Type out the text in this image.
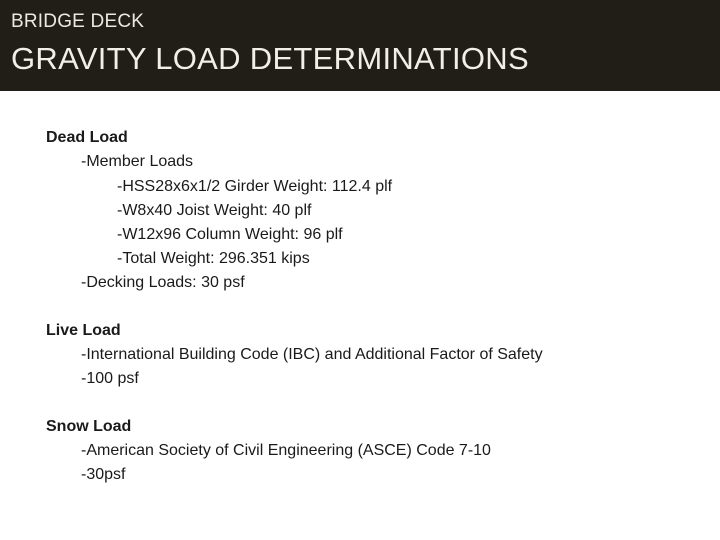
BRIDGE DECK
GRAVITY LOAD DETERMINATIONS
Dead Load
-Member Loads
-HSS28x6x1/2 Girder Weight: 112.4 plf
-W8x40 Joist Weight: 40 plf
-W12x96 Column Weight: 96 plf
-Total Weight: 296.351 kips
-Decking Loads: 30 psf
Live Load
-International Building Code (IBC) and Additional Factor of Safety
-100 psf
Snow Load
-American Society of Civil Engineering (ASCE) Code 7-10
-30psf
